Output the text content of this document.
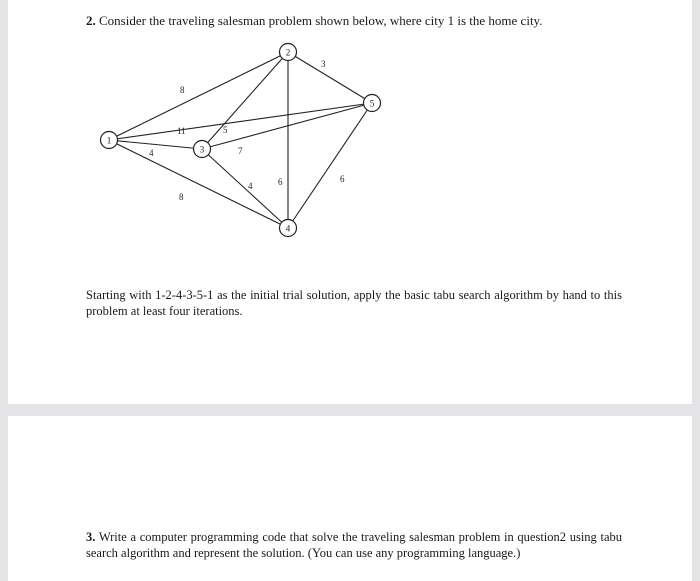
2. Consider the traveling salesman problem shown below, where city 1 is the home city.

8
4
8
11	5
6
3
4
7
6
1
2
3
4
5

Starting with 1-2-4-3-5-1 as the initial trial solution, apply the basic tabu search algorithm by hand to this problem at least four iterations.

3. Write a computer programming code that solve the traveling salesman problem in question2 using tabu search algorithm and represent the solution. (You can use any programming language.)
